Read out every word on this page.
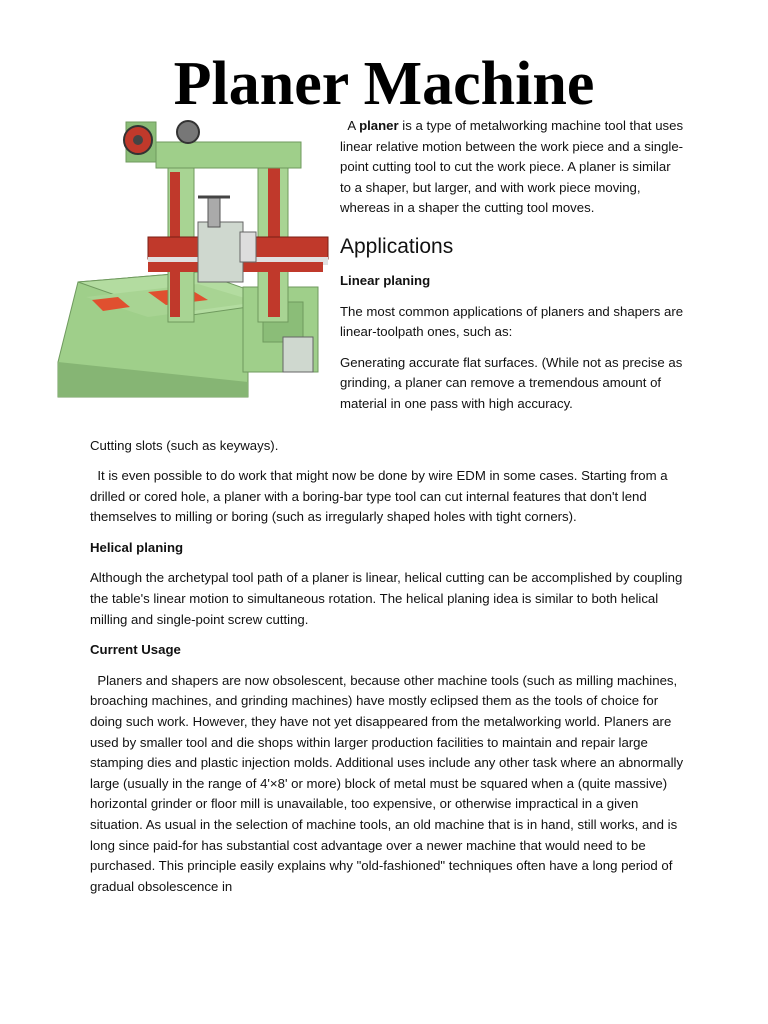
Planer Machine

A planer is a type of metalworking machine tool that uses linear relative motion between the work piece and a single-point cutting tool to cut the work piece. A planer is similar to a shaper, but larger, and with work piece moving, whereas in a shaper the cutting tool moves.

Applications

Linear planing

The most common applications of planers and shapers are linear-toolpath ones, such as:

Generating accurate flat surfaces. (While not as precise as grinding, a planer can remove a tremendous amount of material in one pass with high accuracy.

Cutting slots (such as keyways).

It is even possible to do work that might now be done by wire EDM in some cases. Starting from a drilled or cored hole, a planer with a boring-bar type tool can cut internal features that don't lend themselves to milling or boring (such as irregularly shaped holes with tight corners).

Helical planing

Although the archetypal tool path of a planer is linear, helical cutting can be accomplished by coupling the table's linear motion to simultaneous rotation. The helical planing idea is similar to both helical milling and single-point screw cutting.

Current Usage

Planers and shapers are now obsolescent, because other machine tools (such as milling machines, broaching machines, and grinding machines) have mostly eclipsed them as the tools of choice for doing such work. However, they have not yet disappeared from the metalworking world. Planers are used by smaller tool and die shops within larger production facilities to maintain and repair large stamping dies and plastic injection molds. Additional uses include any other task where an abnormally large (usually in the range of 4'×8' or more) block of metal must be squared when a (quite massive) horizontal grinder or floor mill is unavailable, too expensive, or otherwise impractical in a given situation. As usual in the selection of machine tools, an old machine that is in hand, still works, and is long since paid-for has substantial cost advantage over a newer machine that would need to be purchased. This principle easily explains why "old-fashioned" techniques often have a long period of gradual obsolescence in
